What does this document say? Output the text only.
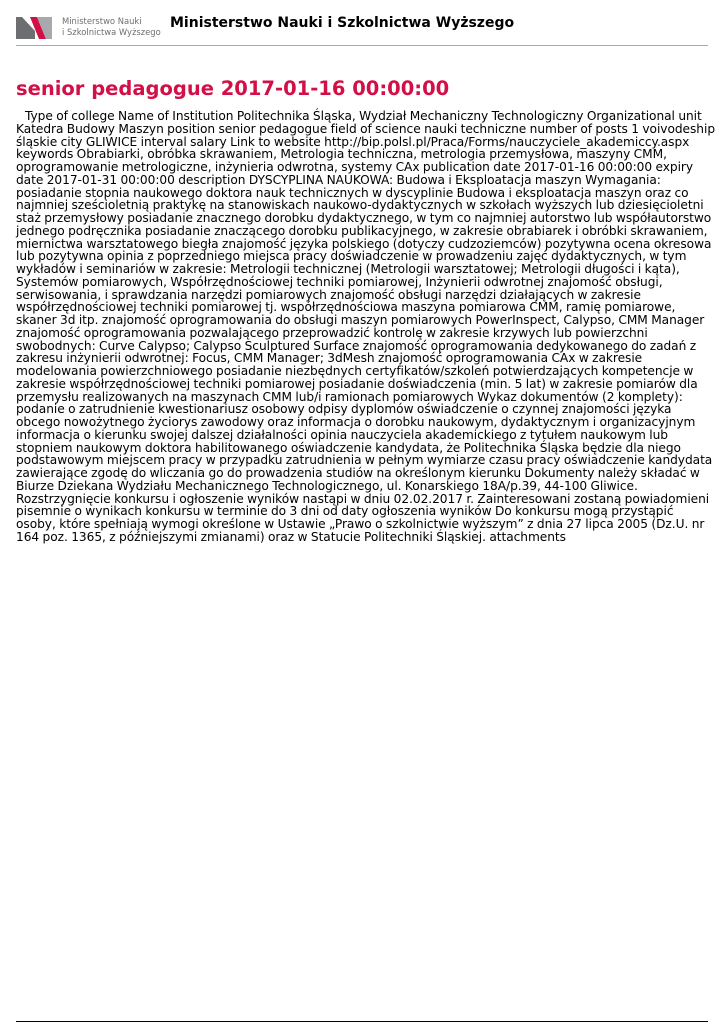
Ministerstwo Nauki
i Szkolnictwa Wyższego
Ministerstwo Nauki i Szkolnictwa Wyższego
senior pedagogue 2017-01-16 00:00:00

Type of college Name of Institution Politechnika Śląska, Wydział Mechaniczny Technologiczny Organizational unit Katedra Budowy Maszyn position senior pedagogue field of science nauki techniczne number of posts 1 voivodeship śląskie city GLIWICE interval salary Link to website http://bip.polsl.pl/Praca/Forms/nauczyciele_akademiccy.aspx keywords Obrabiarki, obróbka skrawaniem, Metrologia techniczna, metrologia przemysłowa, maszyny CMM, oprogramowanie metrologiczne, inżynieria odwrotna, systemy CAx publication date 2017-01-16 00:00:00 expiry date 2017-01-31 00:00:00 description DYSCYPLINA NAUKOWA: Budowa i Eksploatacja maszyn Wymagania: posiadanie stopnia naukowego doktora nauk technicznych w dyscyplinie Budowa i eksploatacja maszyn oraz co najmniej sześcioletnią praktykę na stanowiskach naukowo-dydaktycznych w szkołach wyższych lub dziesięcioletni staż przemysłowy posiadanie znacznego dorobku dydaktycznego, w tym co najmniej autorstwo lub współautorstwo jednego podręcznika posiadanie znaczącego dorobku publikacyjnego, w zakresie obrabiarek i obróbki skrawaniem, miernictwa warsztatowego biegła znajomość języka polskiego (dotyczy cudzoziemców) pozytywna ocena okresowa lub pozytywna opinia z poprzedniego miejsca pracy doświadczenie w prowadzeniu zajęć dydaktycznych, w tym wykładów i seminariów w zakresie: Metrologii technicznej (Metrologii warsztatowej; Metrologii długości i kąta), Systemów pomiarowych, Współrzędnościowej techniki pomiarowej, Inżynierii odwrotnej znajomość obsługi, serwisowania, i sprawdzania narzędzi pomiarowych znajomość obsługi narzędzi działających w zakresie współrzędnościowej techniki pomiarowej tj. współrzędnościowa maszyna pomiarowa CMM, ramię pomiarowe, skaner 3d itp. znajomość oprogramowania do obsługi maszyn pomiarowych PowerInspect, Calypso, CMM Manager znajomość oprogramowania pozwalającego przeprowadzić kontrolę w zakresie krzywych lub powierzchni swobodnych: Curve Calypso; Calypso Sculptured Surface znajomość oprogramowania dedykowanego do zadań z zakresu inżynierii odwrotnej: Focus, CMM Manager; 3dMesh znajomość oprogramowania CAx w zakresie modelowania powierzchniowego posiadanie niezbędnych certyfikatów/szkoleń potwierdzających kompetencje w zakresie współrzędnościowej techniki pomiarowej posiadanie doświadczenia (min. 5 lat) w zakresie pomiarów dla przemysłu realizowanych na maszynach CMM lub/i ramionach pomiarowych Wykaz dokumentów (2 komplety): podanie o zatrudnienie kwestionariusz osobowy odpisy dyplomów oświadczenie o czynnej znajomości języka obcego nowożytnego życiorys zawodowy oraz informacja o dorobku naukowym, dydaktycznym i organizacyjnym informacja o kierunku swojej dalszej działalności opinia nauczyciela akademickiego z tytułem naukowym lub stopniem naukowym doktora habilitowanego oświadczenie kandydata, że Politechnika Śląska będzie dla niego podstawowym miejscem pracy w przypadku zatrudnienia w pełnym wymiarze czasu pracy oświadczenie kandydata zawierające zgodę do wliczania go do prowadzenia studiów na określonym kierunku Dokumenty należy składać w Biurze Dziekana Wydziału Mechanicznego Technologicznego, ul. Konarskiego 18A/p.39, 44-100 Gliwice. Rozstrzygnięcie konkursu i ogłoszenie wyników nastąpi w dniu 02.02.2017 r. Zainteresowani zostaną powiadomieni pisemnie o wynikach konkursu w terminie do 3 dni od daty ogłoszenia wyników Do konkursu mogą przystąpić osoby, które spełniają wymogi określone w Ustawie „Prawo o szkolnictwie wyższym” z dnia 27 lipca 2005 (Dz.U. nr 164 poz. 1365, z późniejszymi zmianami) oraz w Statucie Politechniki Śląskiej. attachments
